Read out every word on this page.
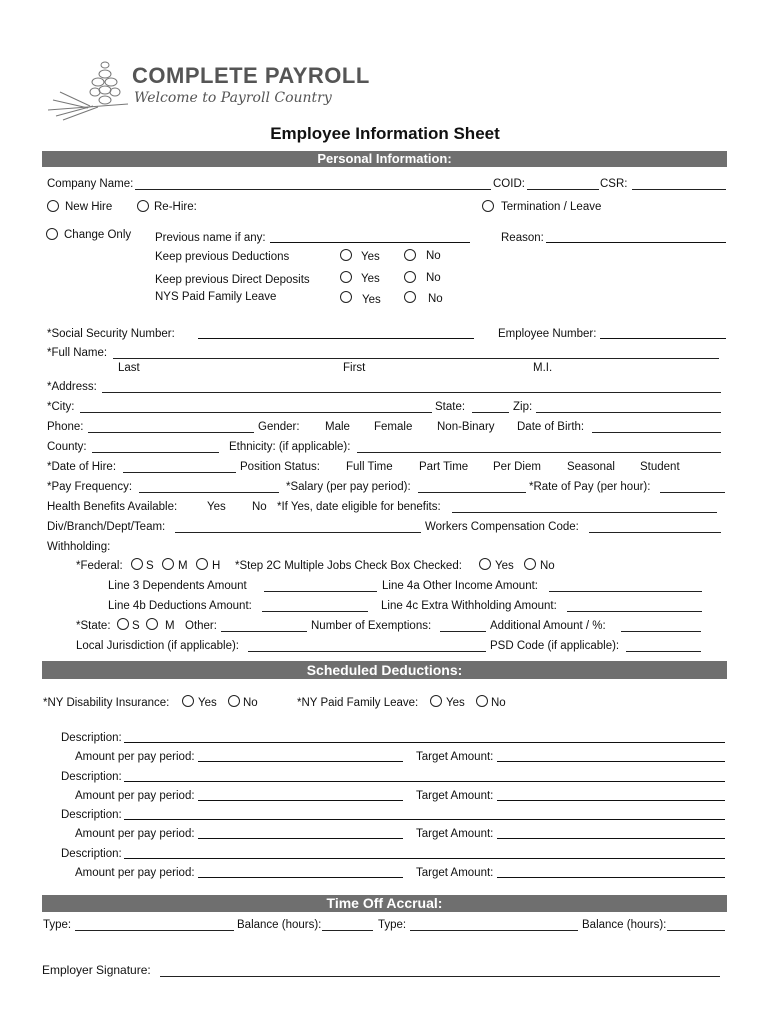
COMPLETE PAYROLL
Welcome to Payroll Country
Employee Information Sheet
Personal Information:
Company Name:	COID:	CSR:
New Hire	Re-Hire:	Termination / Leave
Change Only Previous name if any:	Reason:
Keep previous Deductions	Yes	No
Keep previous Direct Deposits	Yes	No
NYS Paid Family Leave	Yes	No
*Social Security Number:	Employee Number:
*Full Name:
Last	First	M.I.
*Address:
*City:	State:	Zip:
Phone:	Gender: Male Female Non-Binary Date of Birth:
County:	Ethnicity: (if applicable):
*Date of Hire:	Position Status: Full Time Part Time Per Diem Seasonal Student
*Pay Frequency:	*Salary (per pay period):	*Rate of Pay (per hour):
Health Benefits Available:	Yes No *If Yes, date eligible for benefits:
Div/Branch/Dept/Team:	Workers Compensation Code:
Withholding:
*Federal: S M H *Step 2C Multiple Jobs Check Box Checked:	Yes No
Line 3 Dependents Amount	Line 4a Other Income Amount:
Line 4b Deductions Amount:	Line 4c Extra Withholding Amount:
*State: S M Other:	Number of Exemptions:	Additional Amount / %:
Local Jurisdiction (if applicable):	PSD Code (if applicable):
Scheduled Deductions:
*NY Disability Insurance: Yes No	*NY Paid Family Leave: Yes No
Description:
Amount per pay period:	Target Amount:
Description:
Amount per pay period:	Target Amount:
Description:
Amount per pay period:	Target Amount:
Description:
Amount per pay period:	Target Amount:
Time Off Accrual:
Type:	Balance (hours):	Type:	Balance (hours):
Employer Signature:
